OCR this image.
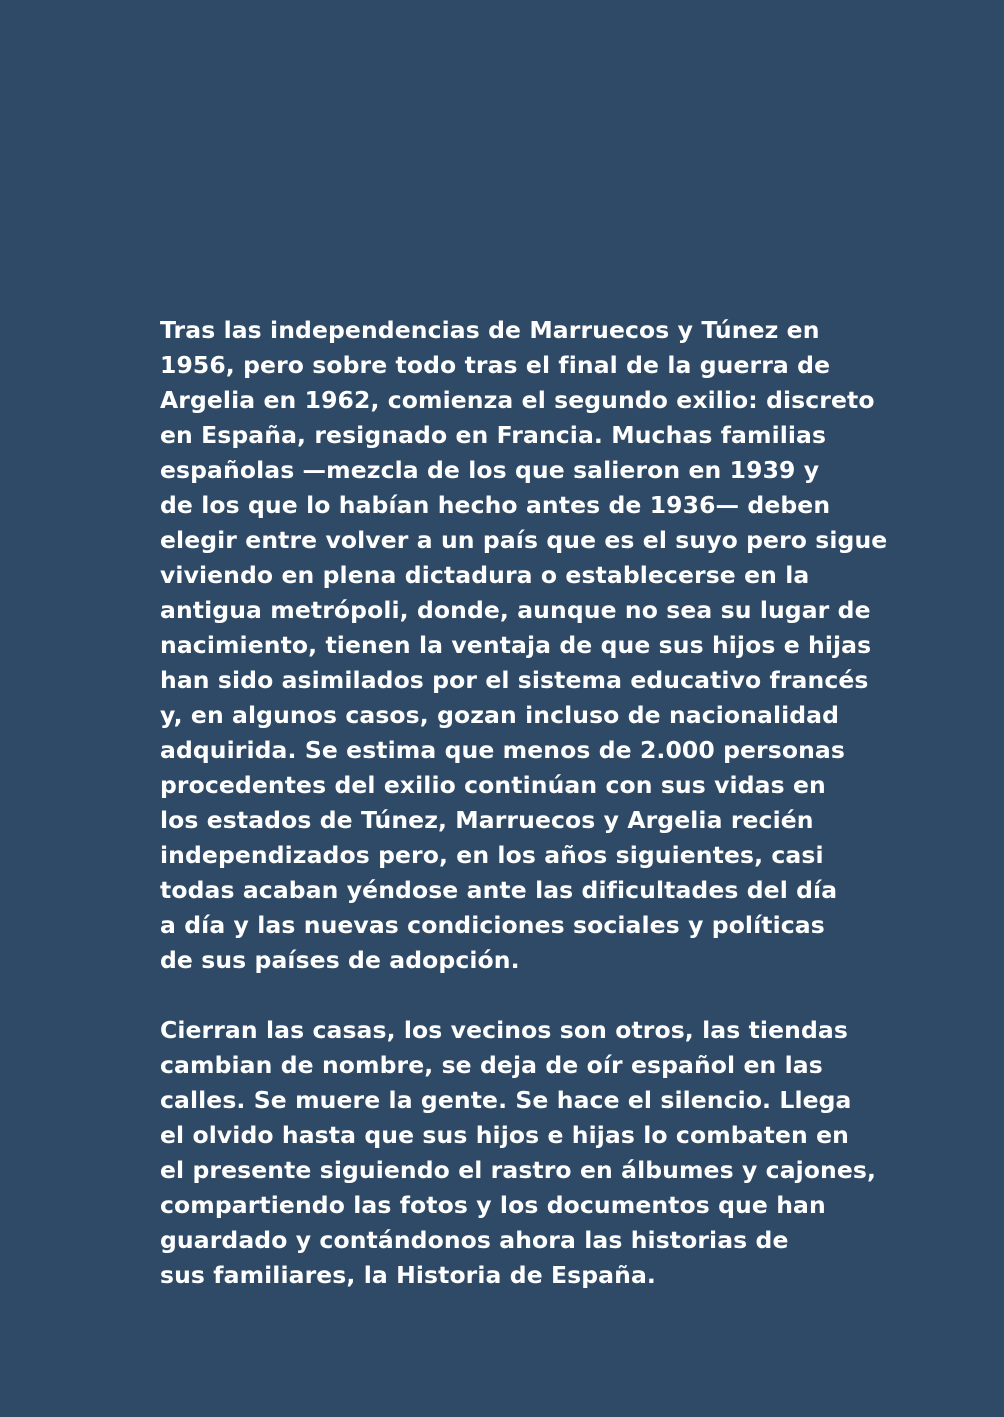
Tras las independencias de Marruecos y Túnez en
1956, pero sobre todo tras el final de la guerra de
Argelia en 1962, comienza el segundo exilio: discreto
en España, resignado en Francia. Muchas familias
españolas —mezcla de los que salieron en 1939 y
de los que lo habían hecho antes de 1936— deben
elegir entre volver a un país que es el suyo pero sigue
viviendo en plena dictadura o establecerse en la
antigua metrópoli, donde, aunque no sea su lugar de
nacimiento, tienen la ventaja de que sus hijos e hijas
han sido asimilados por el sistema educativo francés
y, en algunos casos, gozan incluso de nacionalidad
adquirida. Se estima que menos de 2.000 personas
procedentes del exilio continúan con sus vidas en
los estados de Túnez, Marruecos y Argelia recién
independizados pero, en los años siguientes, casi
todas acaban yéndose ante las dificultades del día
a día y las nuevas condiciones sociales y políticas
de sus países de adopción.
Cierran las casas, los vecinos son otros, las tiendas
cambian de nombre, se deja de oír español en las
calles. Se muere la gente. Se hace el silencio. Llega
el olvido hasta que sus hijos e hijas lo combaten en
el presente siguiendo el rastro en álbumes y cajones,
compartiendo las fotos y los documentos que han
guardado y contándonos ahora las historias de
sus familiares, la Historia de España.
